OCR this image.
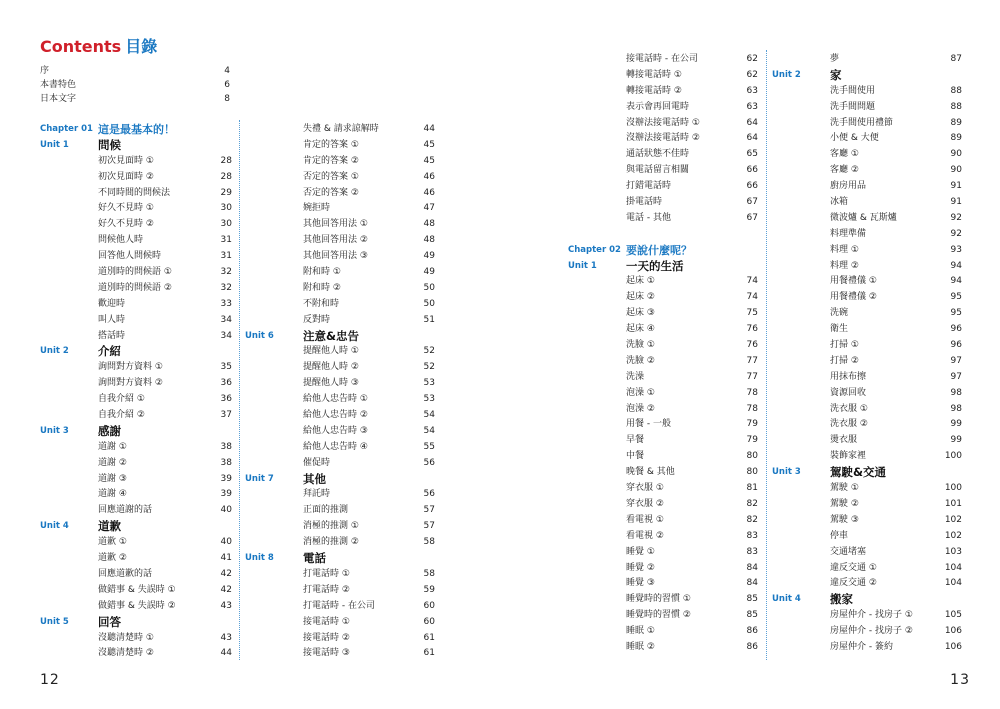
Contents 目錄
序	4
本書特色	6
日本文字	8
Chapter 01 這是最基本的！
Unit 1	問候
初次見面時 ①	28
初次見面時 ②	28
不同時間的問候法	29
好久不見時 ①	30
好久不見時 ②	30
問候他人時	31
回答他人問候時	31
道別時的問候語 ①	32
道別時的問候語 ②	32
歡迎時	33
叫人時	34
搭話時	34
Unit 2	介紹
詢問對方資料 ①	35
詢問對方資料 ②	36
自我介紹 ①	36
自我介紹 ②	37
Unit 3	感謝
道謝 ①	38
道謝 ②	38
道謝 ③	39
道謝 ④	39
回應道謝的話	40
Unit 4	道歉
道歉 ①	40
道歉 ②	41
回應道歉的話	42
做錯事 & 失誤時 ①	42
做錯事 & 失誤時 ②	43
Unit 5	回答
沒聽清楚時 ①	43
沒聽清楚時 ②	44
失禮 & 請求諒解時	44
肯定的答案 ①	45
肯定的答案 ②	45
否定的答案 ①	46
否定的答案 ②	46
婉拒時	47
其他回答用法 ①	48
其他回答用法 ②	48
其他回答用法 ③	49
附和時 ①	49
附和時 ②	50
不附和時	50
反對時	51
Unit 6	注意&忠告
提醒他人時 ①	52
提醒他人時 ②	52
提醒他人時 ③	53
給他人忠告時 ①	53
給他人忠告時 ②	54
給他人忠告時 ③	54
給他人忠告時 ④	55
催促時	56
Unit 7	其他
拜託時	56
正面的推測	57
消極的推測 ①	57
消極的推測 ②	58
Unit 8	電話
打電話時 ①	58
打電話時 ②	59
打電話時 - 在公司	60
接電話時 ①	60
接電話時 ②	61
接電話時 ③	61
接電話時 - 在公司	62
轉接電話時 ①	62
轉接電話時 ②	63
表示會再回電時	63
沒辦法接電話時 ①	64
沒辦法接電話時 ②	64
通話狀態不佳時	65
與電話留言相關	66
打錯電話時	66
掛電話時	67
電話 - 其他	67
Chapter 02 要說什麼呢？
Unit 1	一天的生活
起床 ①	74
起床 ②	74
起床 ③	75
起床 ④	76
洗臉 ①	76
洗臉 ②	77
洗澡	77
泡澡 ①	78
泡澡 ②	78
用餐 - 一般	79
早餐	79
中餐	80
晚餐 & 其他	80
穿衣服 ①	81
穿衣服 ②	82
看電視 ①	82
看電視 ②	83
睡覺 ①	83
睡覺 ②	84
睡覺 ③	84
睡覺時的習慣 ①	85
睡覺時的習慣 ②	85
睡眠 ①	86
睡眠 ②	86
夢	87
Unit 2	家
洗手間使用	88
洗手間問題	88
洗手間使用禮節	89
小便 & 大便	89
客廳 ①	90
客廳 ②	90
廚房用品	91
冰箱	91
微波爐 & 瓦斯爐	92
料理準備	92
料理 ①	93
料理 ②	94
用餐禮儀 ①	94
用餐禮儀 ②	95
洗碗	95
衛生	96
打掃 ①	96
打掃 ②	97
用抹布擦	97
資源回收	98
洗衣服 ①	98
洗衣服 ②	99
燙衣服	99
裝飾家裡	100
Unit 3	駕駛&交通
駕駛 ①	100
駕駛 ②	101
駕駛 ③	102
停車	102
交通堵塞	103
違反交通 ①	104
違反交通 ②	104
Unit 4	搬家
房屋仲介 - 找房子 ①	105
房屋仲介 - 找房子 ②	106
房屋仲介 - 簽約	106
12	13
